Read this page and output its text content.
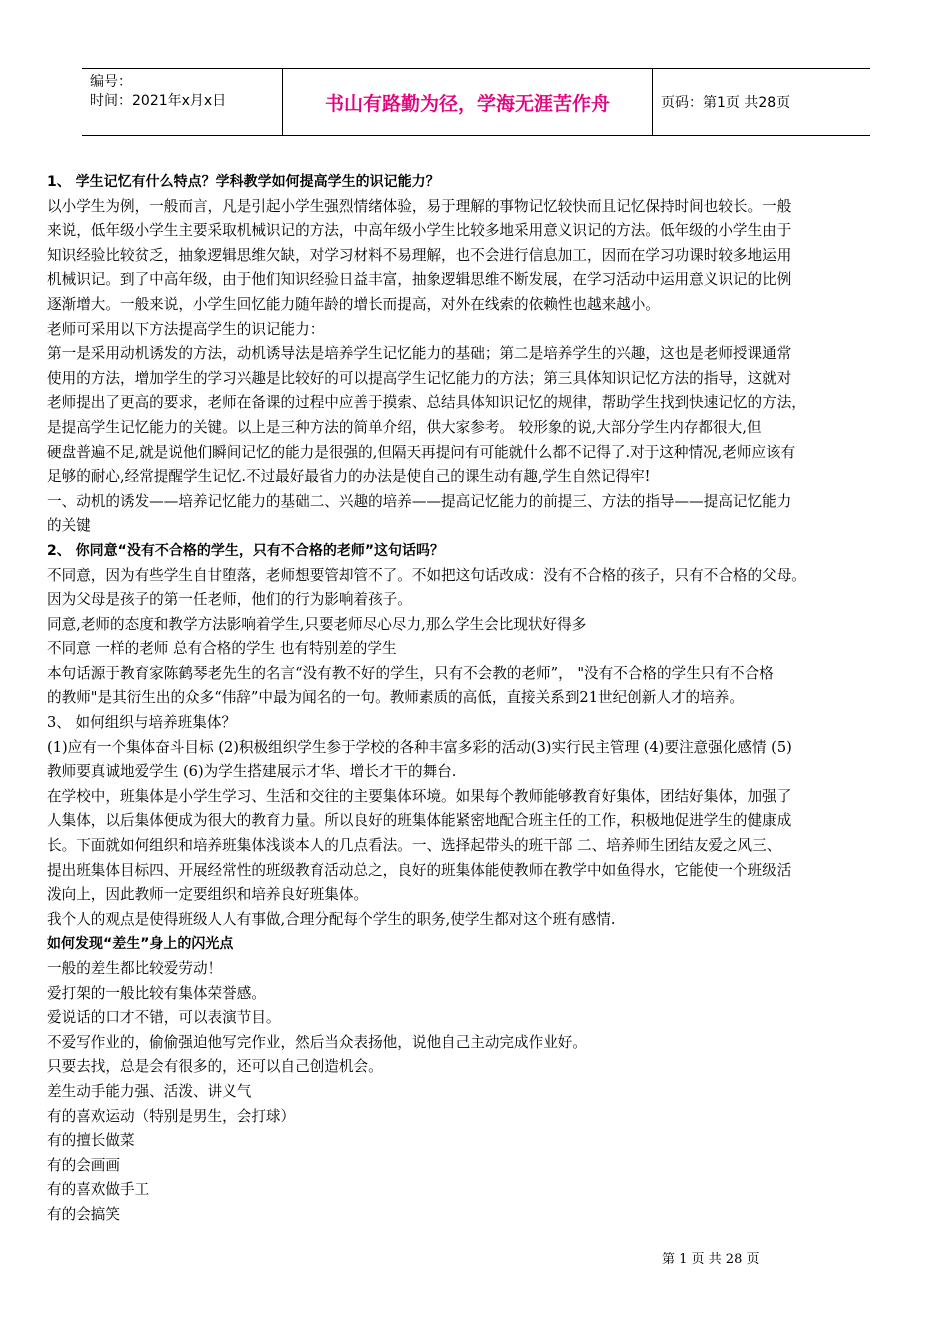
编号：
时间：2021年x月x日	书山有路勤为径，学海无涯苦作舟	页码：第1页 共28页
1、 学生记忆有什么特点？学科教学如何提高学生的识记能力？
以小学生为例，一般而言，凡是引起小学生强烈情绪体验，易于理解的事物记忆较快而且记忆保持时间也较长。一般
来说，低年级小学生主要采取机械识记的方法，中高年级小学生比较多地采用意义识记的方法。低年级的小学生由于
知识经验比较贫乏，抽象逻辑思维欠缺，对学习材料不易理解，也不会进行信息加工，因而在学习功课时较多地运用
机械识记。到了中高年级，由于他们知识经验日益丰富，抽象逻辑思维不断发展，在学习活动中运用意义识记的比例
逐渐增大。一般来说，小学生回忆能力随年龄的增长而提高，对外在线索的依赖性也越来越小。
老师可采用以下方法提高学生的识记能力：
第一是采用动机诱发的方法，动机诱导法是培养学生记忆能力的基础；第二是培养学生的兴趣，这也是老师授课通常
使用的方法，增加学生的学习兴趣是比较好的可以提高学生记忆能力的方法；第三具体知识记忆方法的指导，这就对
老师提出了更高的要求，老师在备课的过程中应善于摸索、总结具体知识记忆的规律，帮助学生找到快速记忆的方法，
是提高学生记忆能力的关键。以上是三种方法的简单介绍，供大家参考。 较形象的说,大部分学生内存都很大,但
硬盘普遍不足,就是说他们瞬间记忆的能力是很强的,但隔天再提问有可能就什么都不记得了.对于这种情况,老师应该有
足够的耐心,经常提醒学生记忆.不过最好最省力的办法是使自己的课生动有趣,学生自然记得牢!
一、动机的诱发——培养记忆能力的基础二、兴趣的培养——提高记忆能力的前提三、方法的指导——提高记忆能力
的关键
2、 你同意“没有不合格的学生，只有不合格的老师”这句话吗？
不同意，因为有些学生自甘堕落，老师想要管却管不了。不如把这句话改成：没有不合格的孩子，只有不合格的父母。
因为父母是孩子的第一任老师，他们的行为影响着孩子。
同意,老师的态度和教学方法影响着学生,只要老师尽心尽力,那么学生会比现状好得多
不同意 一样的老师 总有合格的学生 也有特别差的学生
本句话源于教育家陈鹤琴老先生的名言“没有教不好的学生，只有不会教的老师”， "没有不合格的学生只有不合格
的教师"是其衍生出的众多“伟辞”中最为闻名的一句。教师素质的高低，直接关系到21世纪创新人才的培养。
3、 如何组织与培养班集体？
(1)应有一个集体奋斗目标 (2)积极组织学生参于学校的各种丰富多彩的活动(3)实行民主管理 (4)要注意强化感情 (5)
教师要真诚地爱学生 (6)为学生搭建展示才华、增长才干的舞台.
在学校中，班集体是小学生学习、生活和交往的主要集体环境。如果每个教师能够教育好集体，团结好集体，加强了
人集体，以后集体便成为很大的教育力量。所以良好的班集体能紧密地配合班主任的工作，积极地促进学生的健康成
长。下面就如何组织和培养班集体浅谈本人的几点看法。一、选择起带头的班干部 二、培养师生团结友爱之风三、
提出班集体目标四、开展经常性的班级教育活动总之，良好的班集体能使教师在教学中如鱼得水，它能使一个班级活
泼向上，因此教师一定要组织和培养良好班集体。
我个人的观点是使得班级人人有事做,合理分配每个学生的职务,使学生都对这个班有感情.
如何发现“差生”身上的闪光点
一般的差生都比较爱劳动！
爱打架的一般比较有集体荣誉感。
爱说话的口才不错，可以表演节目。
不爱写作业的，偷偷强迫他写完作业，然后当众表扬他，说他自己主动完成作业好。
只要去找，总是会有很多的，还可以自己创造机会。
差生动手能力强、活泼、讲义气
有的喜欢运动（特别是男生，会打球）
有的擅长做菜
有的会画画
有的喜欢做手工
有的会搞笑
第 1 页 共 28 页
